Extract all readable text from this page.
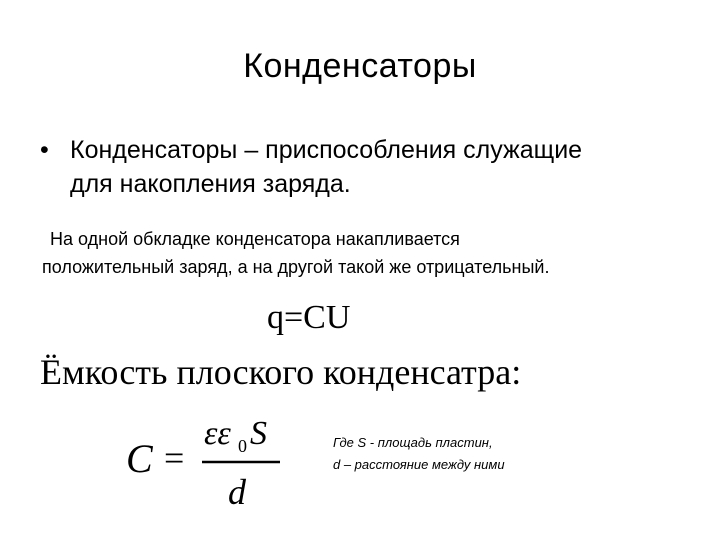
Конденсаторы
• Конденсаторы – приспособления служащие
для накопления заряда.
На одной обкладке конденсатора накапливается
положительный заряд, а на другой такой же отрицательный.
q=CU
Ёмкость плоского конденсатра:
C =
εε 0 S
d
Где S - площадь пластин,
d – расстояние между ними
